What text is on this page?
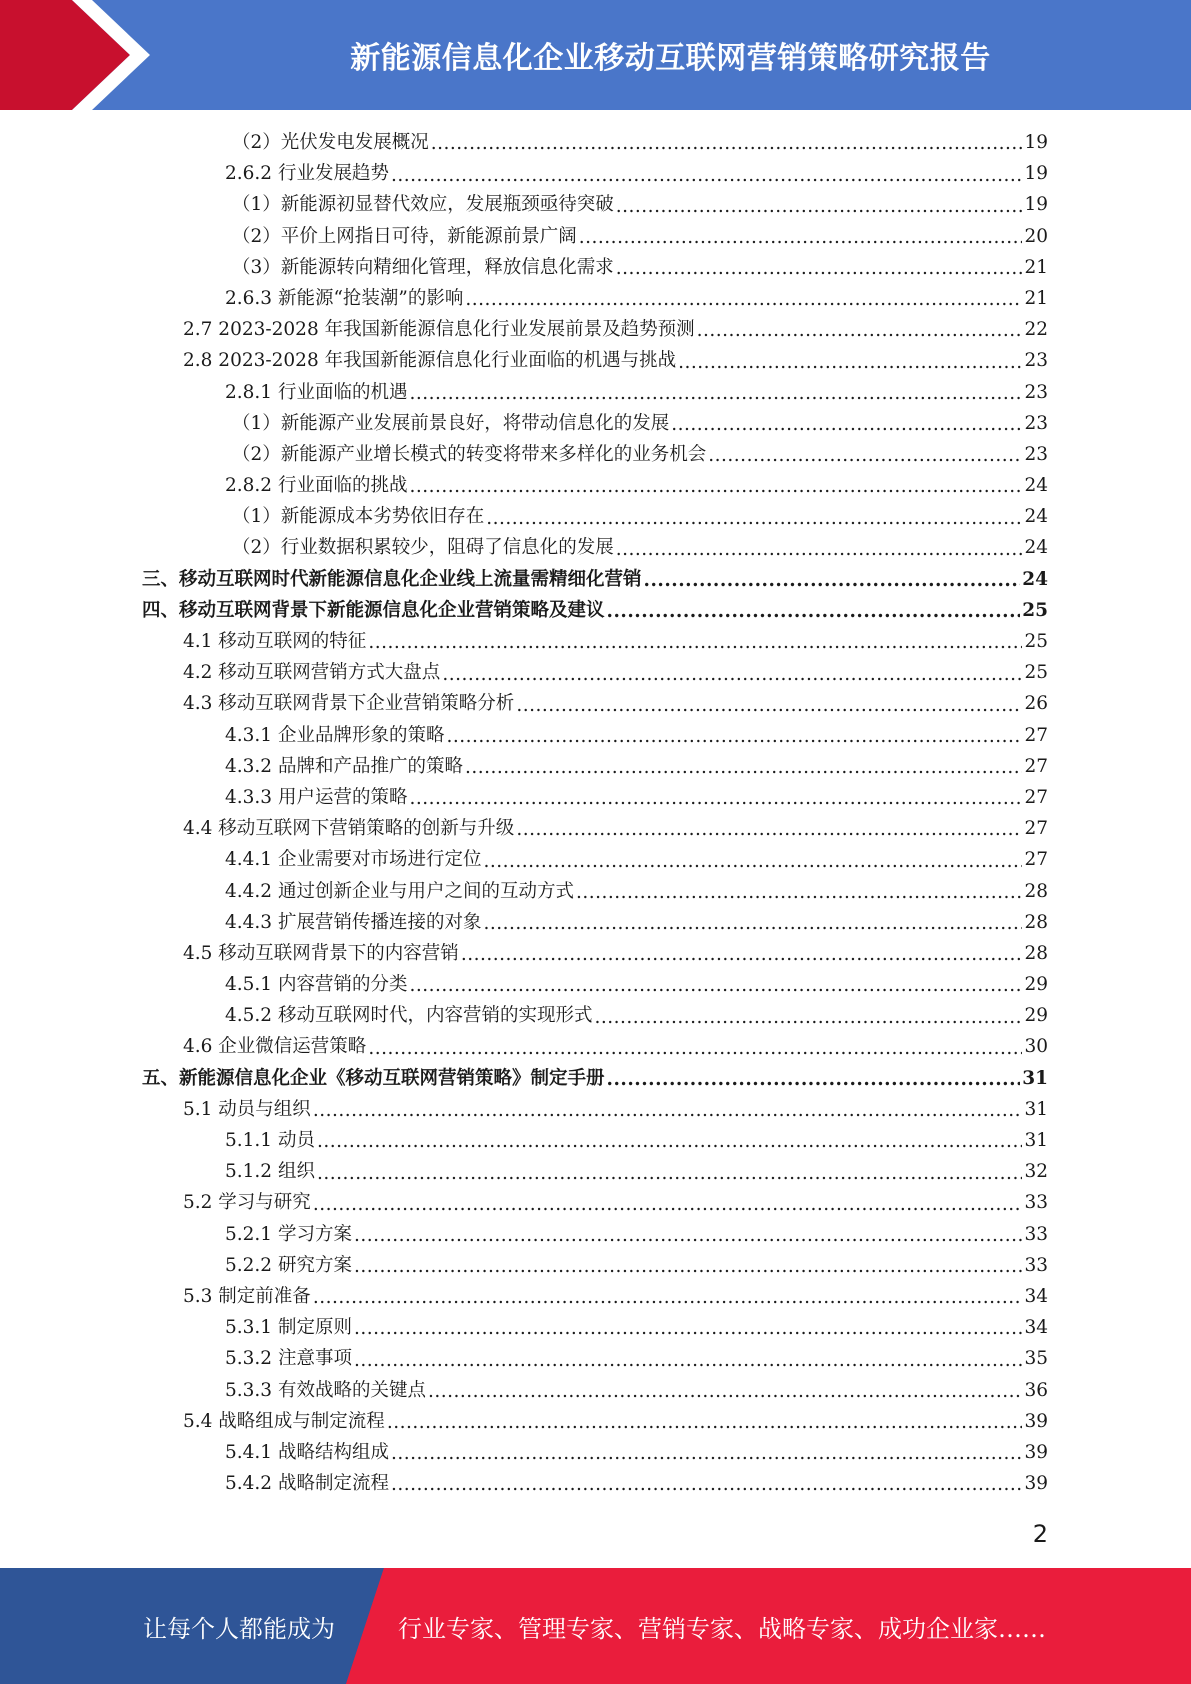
新能源信息化企业移动互联网营销策略研究报告
（2）光伏发电发展概况 .....	19
2.6.2 行业发展趋势 .....	19
（1）新能源初显替代效应，发展瓶颈亟待突破 .....	19
（2）平价上网指日可待，新能源前景广阔 .....	20
（3）新能源转向精细化管理，释放信息化需求 .....	21
2.6.3 新能源“抢装潮”的影响 .....	21
2.7 2023-2028 年我国新能源信息化行业发展前景及趋势预测 .....	22
2.8 2023-2028 年我国新能源信息化行业面临的机遇与挑战 .....	23
2.8.1 行业面临的机遇 .....	23
（1）新能源产业发展前景良好，将带动信息化的发展 .....	23
（2）新能源产业增长模式的转变将带来多样化的业务机会 .....	23
2.8.2 行业面临的挑战 .....	24
（1）新能源成本劣势依旧存在 .....	24
（2）行业数据积累较少，阻碍了信息化的发展 .....	24
三、移动互联网时代新能源信息化企业线上流量需精细化营销 .....	24
四、移动互联网背景下新能源信息化企业营销策略及建议 .....	25
4.1 移动互联网的特征 .....	25
4.2 移动互联网营销方式大盘点 .....	25
4.3 移动互联网背景下企业营销策略分析 .....	26
4.3.1 企业品牌形象的策略 .....	27
4.3.2 品牌和产品推广的策略 .....	27
4.3.3 用户运营的策略 .....	27
4.4 移动互联网下营销策略的创新与升级 .....	27
4.4.1 企业需要对市场进行定位 .....	27
4.4.2 通过创新企业与用户之间的互动方式 .....	28
4.4.3 扩展营销传播连接的对象 .....	28
4.5 移动互联网背景下的内容营销 .....	28
4.5.1 内容营销的分类 .....	29
4.5.2 移动互联网时代，内容营销的实现形式 .....	29
4.6 企业微信运营策略 .....	30
五、新能源信息化企业《移动互联网营销策略》制定手册 .....	31
5.1 动员与组织 .....	31
5.1.1 动员 .....	31
5.1.2 组织 .....	32
5.2 学习与研究 .....	33
5.2.1 学习方案 .....	33
5.2.2 研究方案 .....	33
5.3 制定前准备 .....	34
5.3.1 制定原则 .....	34
5.3.2 注意事项 .....	35
5.3.3 有效战略的关键点 .....	36
5.4 战略组成与制定流程 .....	39
5.4.1 战略结构组成 .....	39
5.4.2 战略制定流程 .....	39
2
让每个人都能成为	行业专家、管理专家、营销专家、战略专家、成功企业家……
